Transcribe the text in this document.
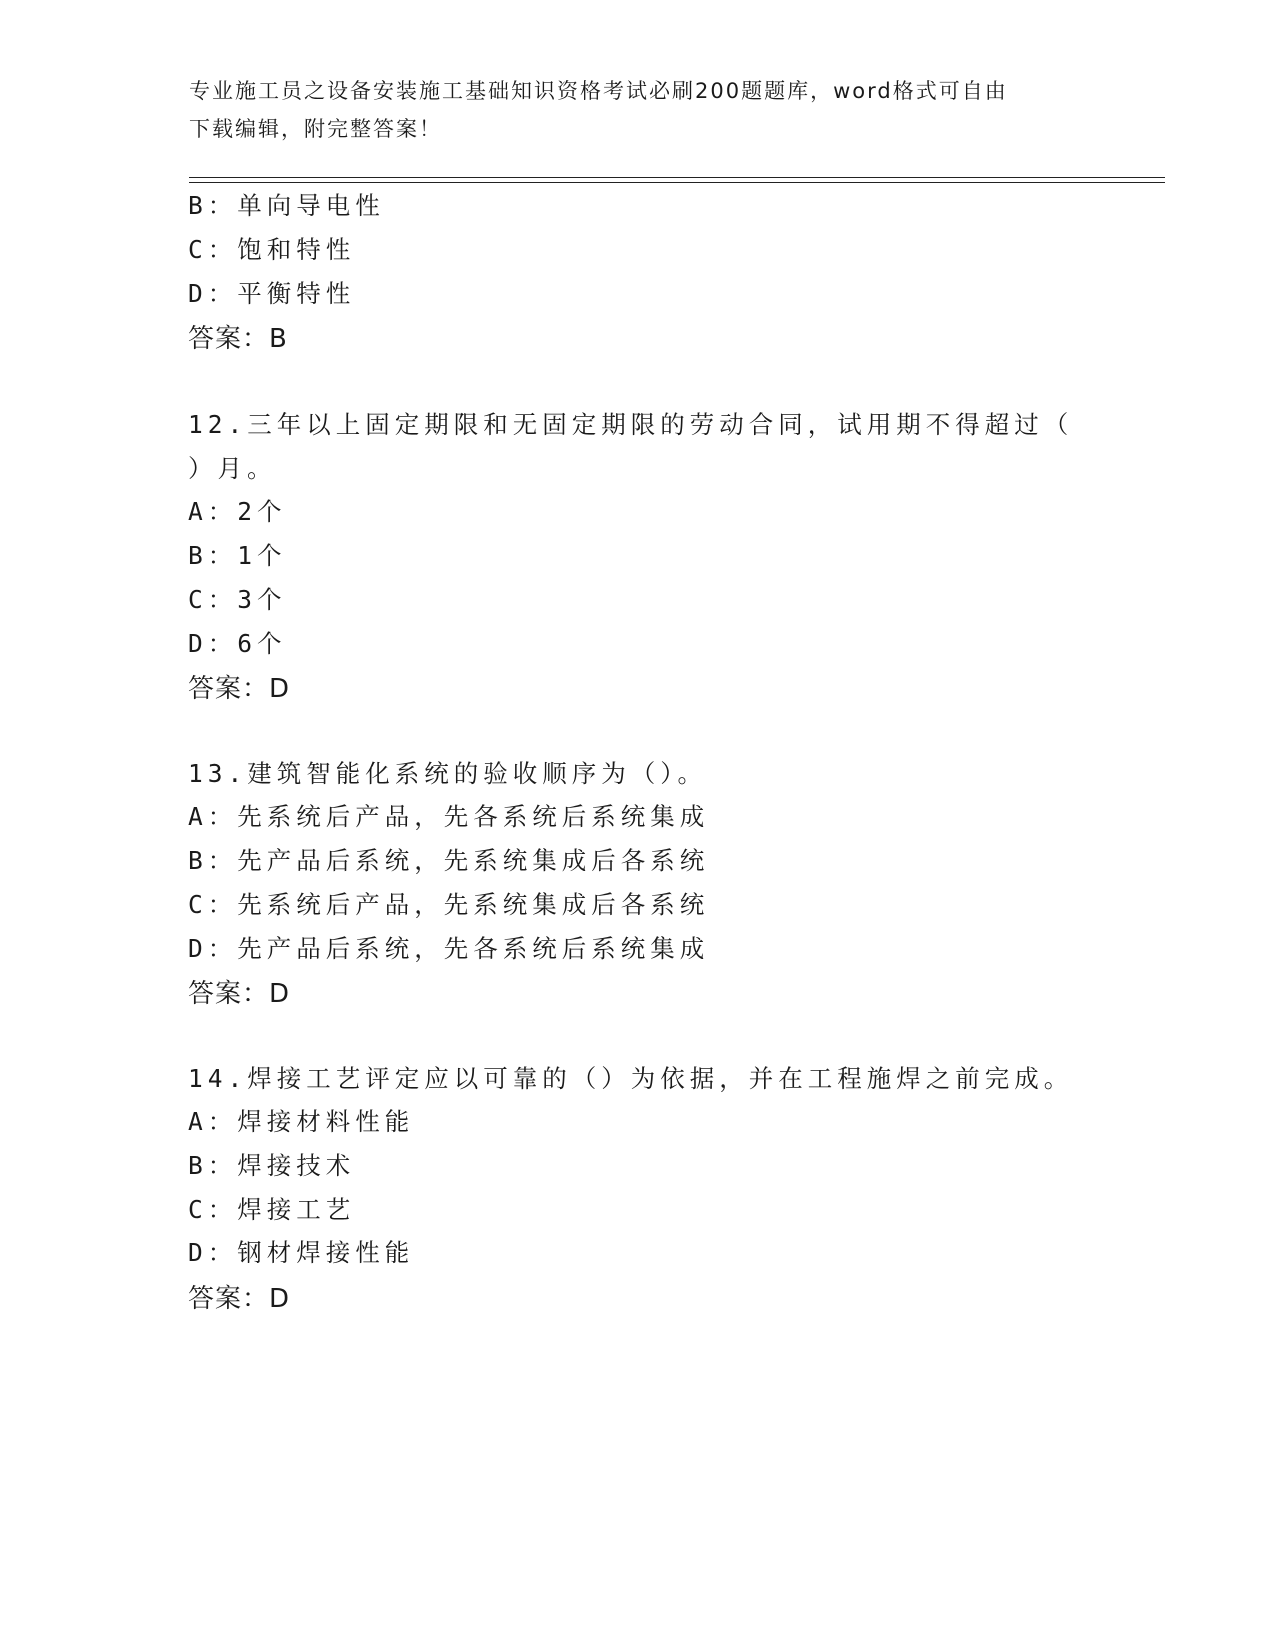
专业施工员之设备安装施工基础知识资格考试必刷200题题库，word格式可自由
下载编辑，附完整答案！
B：单向导电性
C：饱和特性
D：平衡特性
答案：B
12.三年以上固定期限和无固定期限的劳动合同，试用期不得超过（
）月。
A：2个
B：1个
C：3个
D：6个
答案：D
13.建筑智能化系统的验收顺序为（）。
A：先系统后产品，先各系统后系统集成
B：先产品后系统，先系统集成后各系统
C：先系统后产品，先系统集成后各系统
D：先产品后系统，先各系统后系统集成
答案：D
14.焊接工艺评定应以可靠的（）为依据，并在工程施焊之前完成。
A：焊接材料性能
B：焊接技术
C：焊接工艺
D：钢材焊接性能
答案：D
